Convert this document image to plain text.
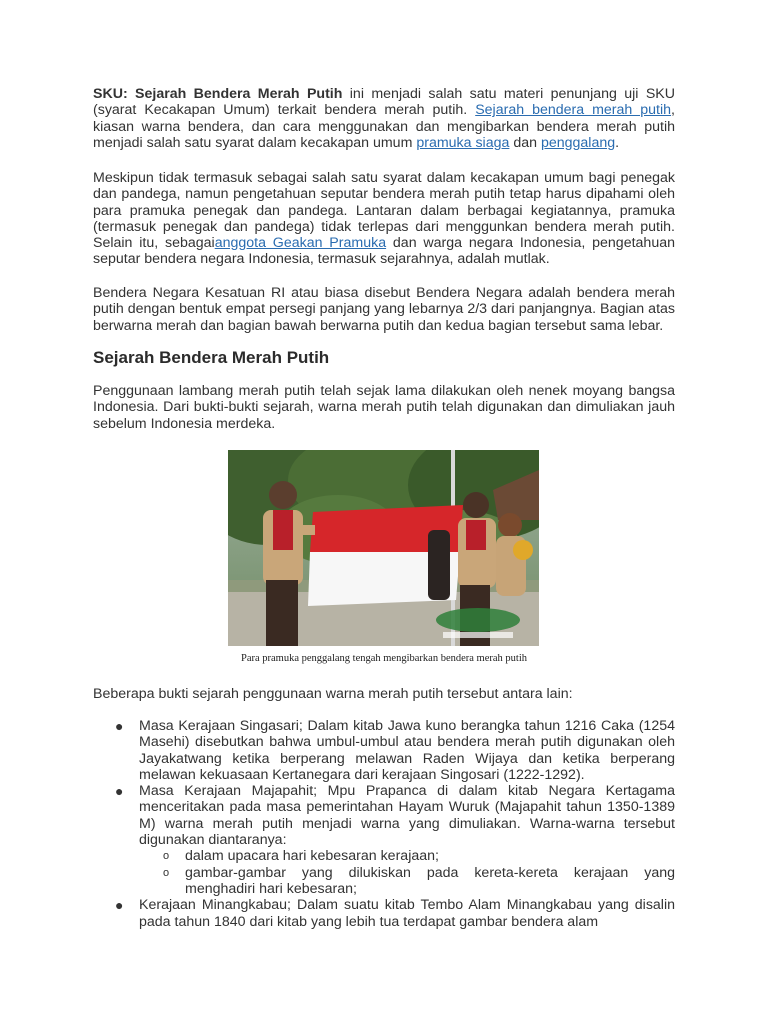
SKU: Sejarah Bendera Merah Putih ini menjadi salah satu materi penunjang uji SKU (syarat Kecakapan Umum) terkait bendera merah putih. Sejarah bendera merah putih, kiasan warna bendera, dan cara menggunakan dan mengibarkan bendera merah putih menjadi salah satu syarat dalam kecakapan umum pramuka siaga dan penggalang.

Meskipun tidak termasuk sebagai salah satu syarat dalam kecakapan umum bagi penegak dan pandega, namun pengetahuan seputar bendera merah putih tetap harus dipahami oleh para pramuka penegak dan pandega. Lantaran dalam berbagai kegiatannya, pramuka (termasuk penegak dan pandega) tidak terlepas dari menggunkan bendera merah putih. Selain itu, sebagaianggota Geakan Pramuka dan warga negara Indonesia, pengetahuan seputar bendera negara Indonesia, termasuk sejarahnya, adalah mutlak.

Bendera Negara Kesatuan RI atau biasa disebut Bendera Negara adalah bendera merah putih dengan bentuk empat persegi panjang yang lebarnya 2/3 dari panjangnya. Bagian atas berwarna merah dan bagian bawah berwarna putih dan kedua bagian tersebut sama lebar.

Sejarah Bendera Merah Putih

Penggunaan lambang merah putih telah sejak lama dilakukan oleh nenek moyang bangsa Indonesia. Dari bukti-bukti sejarah, warna merah putih telah digunakan dan dimuliakan jauh sebelum Indonesia merdeka.

Para pramuka penggalang tengah mengibarkan bendera merah putih

Beberapa bukti sejarah penggunaan warna merah putih tersebut antara lain:

● Masa Kerajaan Singasari; Dalam kitab Jawa kuno berangka tahun 1216 Caka (1254 Masehi) disebutkan bahwa umbul-umbul atau bendera merah putih digunakan oleh Jayakatwang ketika berperang melawan Raden Wijaya dan ketika berperang melawan kekuasaan Kertanegara dari kerajaan Singosari (1222-1292).
● Masa Kerajaan Majapahit; Mpu Prapanca di dalam kitab Negara Kertagama menceritakan pada masa pemerintahan Hayam Wuruk (Majapahit tahun 1350-1389 M) warna merah putih menjadi warna yang dimuliakan. Warna-warna tersebut digunakan diantaranya:
o dalam upacara hari kebesaran kerajaan;
o gambar-gambar yang dilukiskan pada kereta-kereta kerajaan yang menghadiri hari kebesaran;
● Kerajaan Minangkabau; Dalam suatu kitab Tembo Alam Minangkabau yang disalin pada tahun 1840 dari kitab yang lebih tua terdapat gambar bendera alam
